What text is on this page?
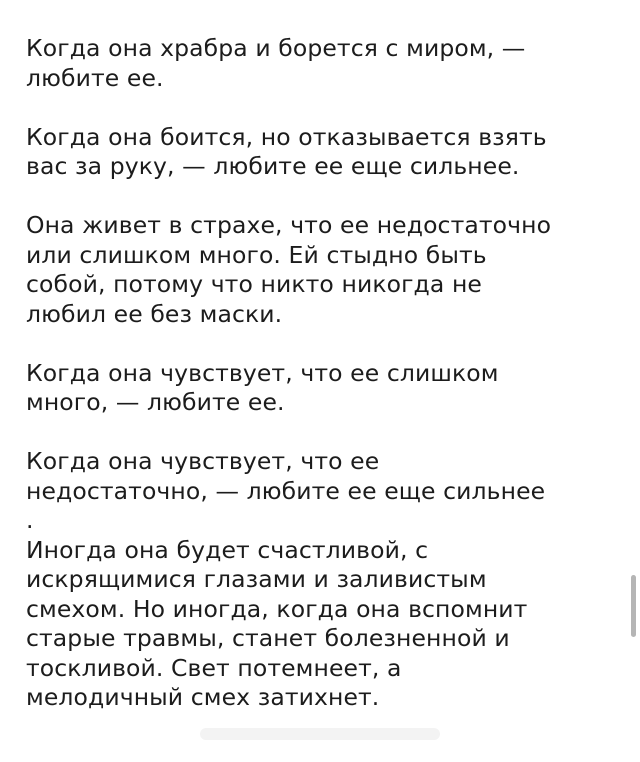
Когда она храбра и борется с миром, —
любите ее.

Когда она боится, но отказывается взять
вас за руку, — любите ее еще сильнее.

Она живет в страхе, что ее недостаточно
или слишком много. Ей стыдно быть
собой, потому что никто никогда не
любил ее без маски.

Когда она чувствует, что ее слишком
много, — любите ее.

Когда она чувствует, что ее
недостаточно, — любите ее еще сильнее
.

Иногда она будет счастливой, с
искрящимися глазами и заливистым
смехом. Но иногда, когда она вспомнит
старые травмы, станет болезненной и
тоскливой. Свет потемнеет, а
мелодичный смех затихнет.
